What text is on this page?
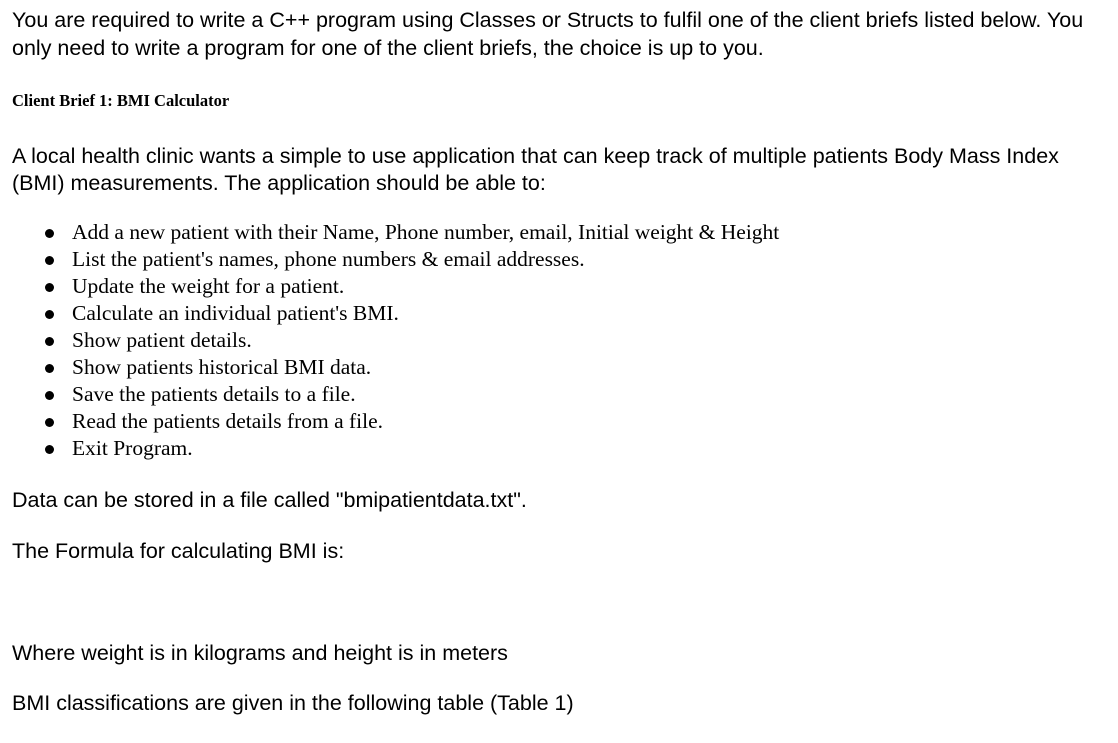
You are required to write a C++ program using Classes or Structs to fulfil one of the client briefs listed below. You only need to write a program for one of the client briefs, the choice is up to you.
Client Brief 1: BMI Calculator
A local health clinic wants a simple to use application that can keep track of multiple patients Body Mass Index (BMI) measurements. The application should be able to:
Add a new patient with their Name, Phone number, email, Initial weight & Height
List the patient's names, phone numbers & email addresses.
Update the weight for a patient.
Calculate an individual patient's BMI.
Show patient details.
Show patients historical BMI data.
Save the patients details to a file.
Read the patients details from a file.
Exit Program.
Data can be stored in a file called "bmipatientdata.txt".
The Formula for calculating BMI is:
Where weight is in kilograms and height is in meters
BMI classifications are given in the following table (Table 1)
